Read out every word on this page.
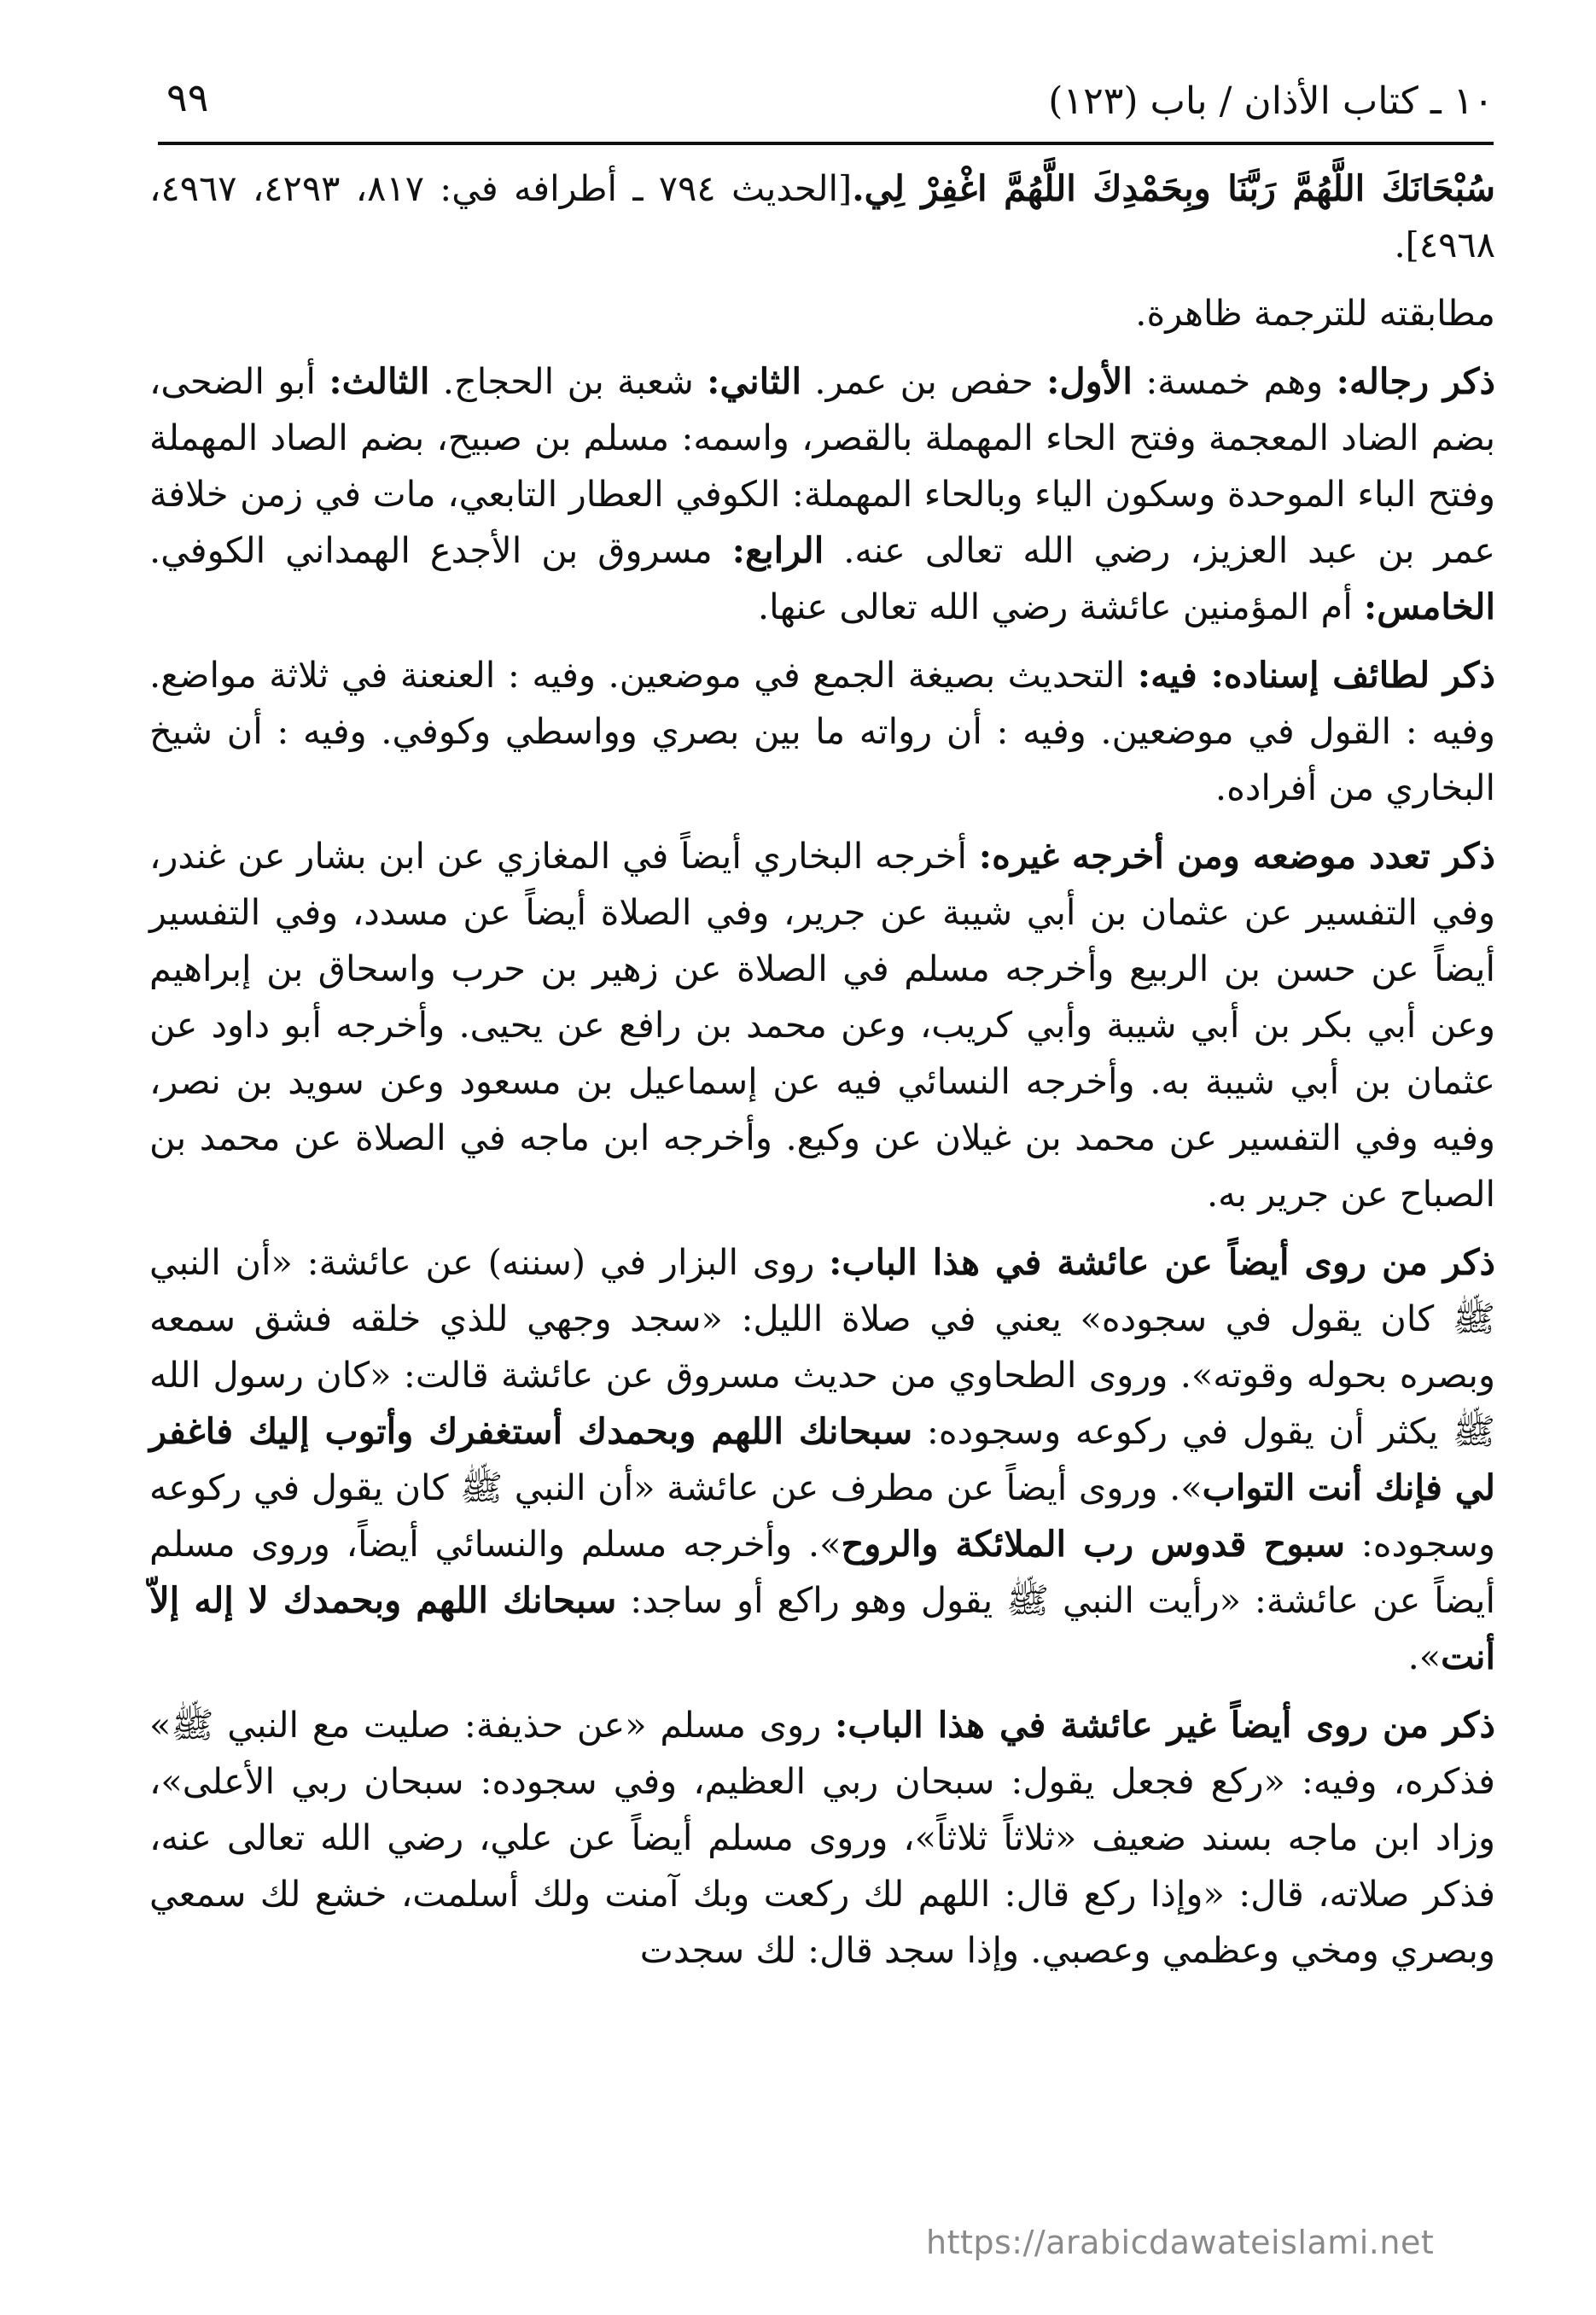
١٠ ـ كتاب الأذان / باب (١٢٣)
٩٩

سُبْحَانَكَ اللَّهُمَّ رَبَّنَا وبِحَمْدِكَ اللَّهُمَّ اغْفِرْ لِي.[الحديث ٧٩٤ ـ أطرافه في: ٨١٧، ٤٢٩٣، ٤٩٦٧، ٤٩٦٨].

مطابقته للترجمة ظاهرة.

ذكر رجاله: وهم خمسة: الأول: حفص بن عمر. الثاني: شعبة بن الحجاج. الثالث: أبو الضحى، بضم الضاد المعجمة وفتح الحاء المهملة بالقصر، واسمه: مسلم بن صبيح، بضم الصاد المهملة وفتح الباء الموحدة وسكون الياء وبالحاء المهملة: الكوفي العطار التابعي، مات في زمن خلافة عمر بن عبد العزيز، رضي الله تعالى عنه. الرابع: مسروق بن الأجدع الهمداني الكوفي. الخامس: أم المؤمنين عائشة رضي الله تعالى عنها.

ذكر لطائف إسناده: فيه: التحديث بصيغة الجمع في موضعين. وفيه : العنعنة في ثلاثة مواضع. وفيه : القول في موضعين. وفيه : أن رواته ما بين بصري وواسطي وكوفي. وفيه : أن شيخ البخاري من أفراده.

ذكر تعدد موضعه ومن أخرجه غيره: أخرجه البخاري أيضاً في المغازي عن ابن بشار عن غندر، وفي التفسير عن عثمان بن أبي شيبة عن جرير، وفي الصلاة أيضاً عن مسدد، وفي التفسير أيضاً عن حسن بن الربيع وأخرجه مسلم في الصلاة عن زهير بن حرب واسحاق بن إبراهيم وعن أبي بكر بن أبي شيبة وأبي كريب، وعن محمد بن رافع عن يحيى. وأخرجه أبو داود عن عثمان بن أبي شيبة به. وأخرجه النسائي فيه عن إسماعيل بن مسعود وعن سويد بن نصر، وفيه وفي التفسير عن محمد بن غيلان عن وكيع. وأخرجه ابن ماجه في الصلاة عن محمد بن الصباح عن جرير به.

ذكر من روى أيضاً عن عائشة في هذا الباب: روى البزار في (سننه) عن عائشة: «أن النبي ﷺ كان يقول في سجوده» يعني في صلاة الليل: «سجد وجهي للذي خلقه فشق سمعه وبصره بحوله وقوته». وروى الطحاوي من حديث مسروق عن عائشة قالت: «كان رسول الله ﷺ يكثر أن يقول في ركوعه وسجوده: سبحانك اللهم وبحمدك أستغفرك وأتوب إليك فاغفر لي فإنك أنت التواب». وروى أيضاً عن مطرف عن عائشة «أن النبي ﷺ كان يقول في ركوعه وسجوده: سبوح قدوس رب الملائكة والروح». وأخرجه مسلم والنسائي أيضاً، وروى مسلم أيضاً عن عائشة: «رأيت النبي ﷺ يقول وهو راكع أو ساجد: سبحانك اللهم وبحمدك لا إله إلاّ أنت».

ذكر من روى أيضاً غير عائشة في هذا الباب: روى مسلم «عن حذيفة: صليت مع النبي ﷺ» فذكره، وفيه: «ركع فجعل يقول: سبحان ربي العظيم، وفي سجوده: سبحان ربي الأعلى»، وزاد ابن ماجه بسند ضعيف «ثلاثاً ثلاثاً»، وروى مسلم أيضاً عن علي، رضي الله تعالى عنه، فذكر صلاته، قال: «وإذا ركع قال: اللهم لك ركعت وبك آمنت ولك أسلمت، خشع لك سمعي وبصري ومخي وعظمي وعصبي. وإذا سجد قال: لك سجدت

https://arabicdawateislami.net
